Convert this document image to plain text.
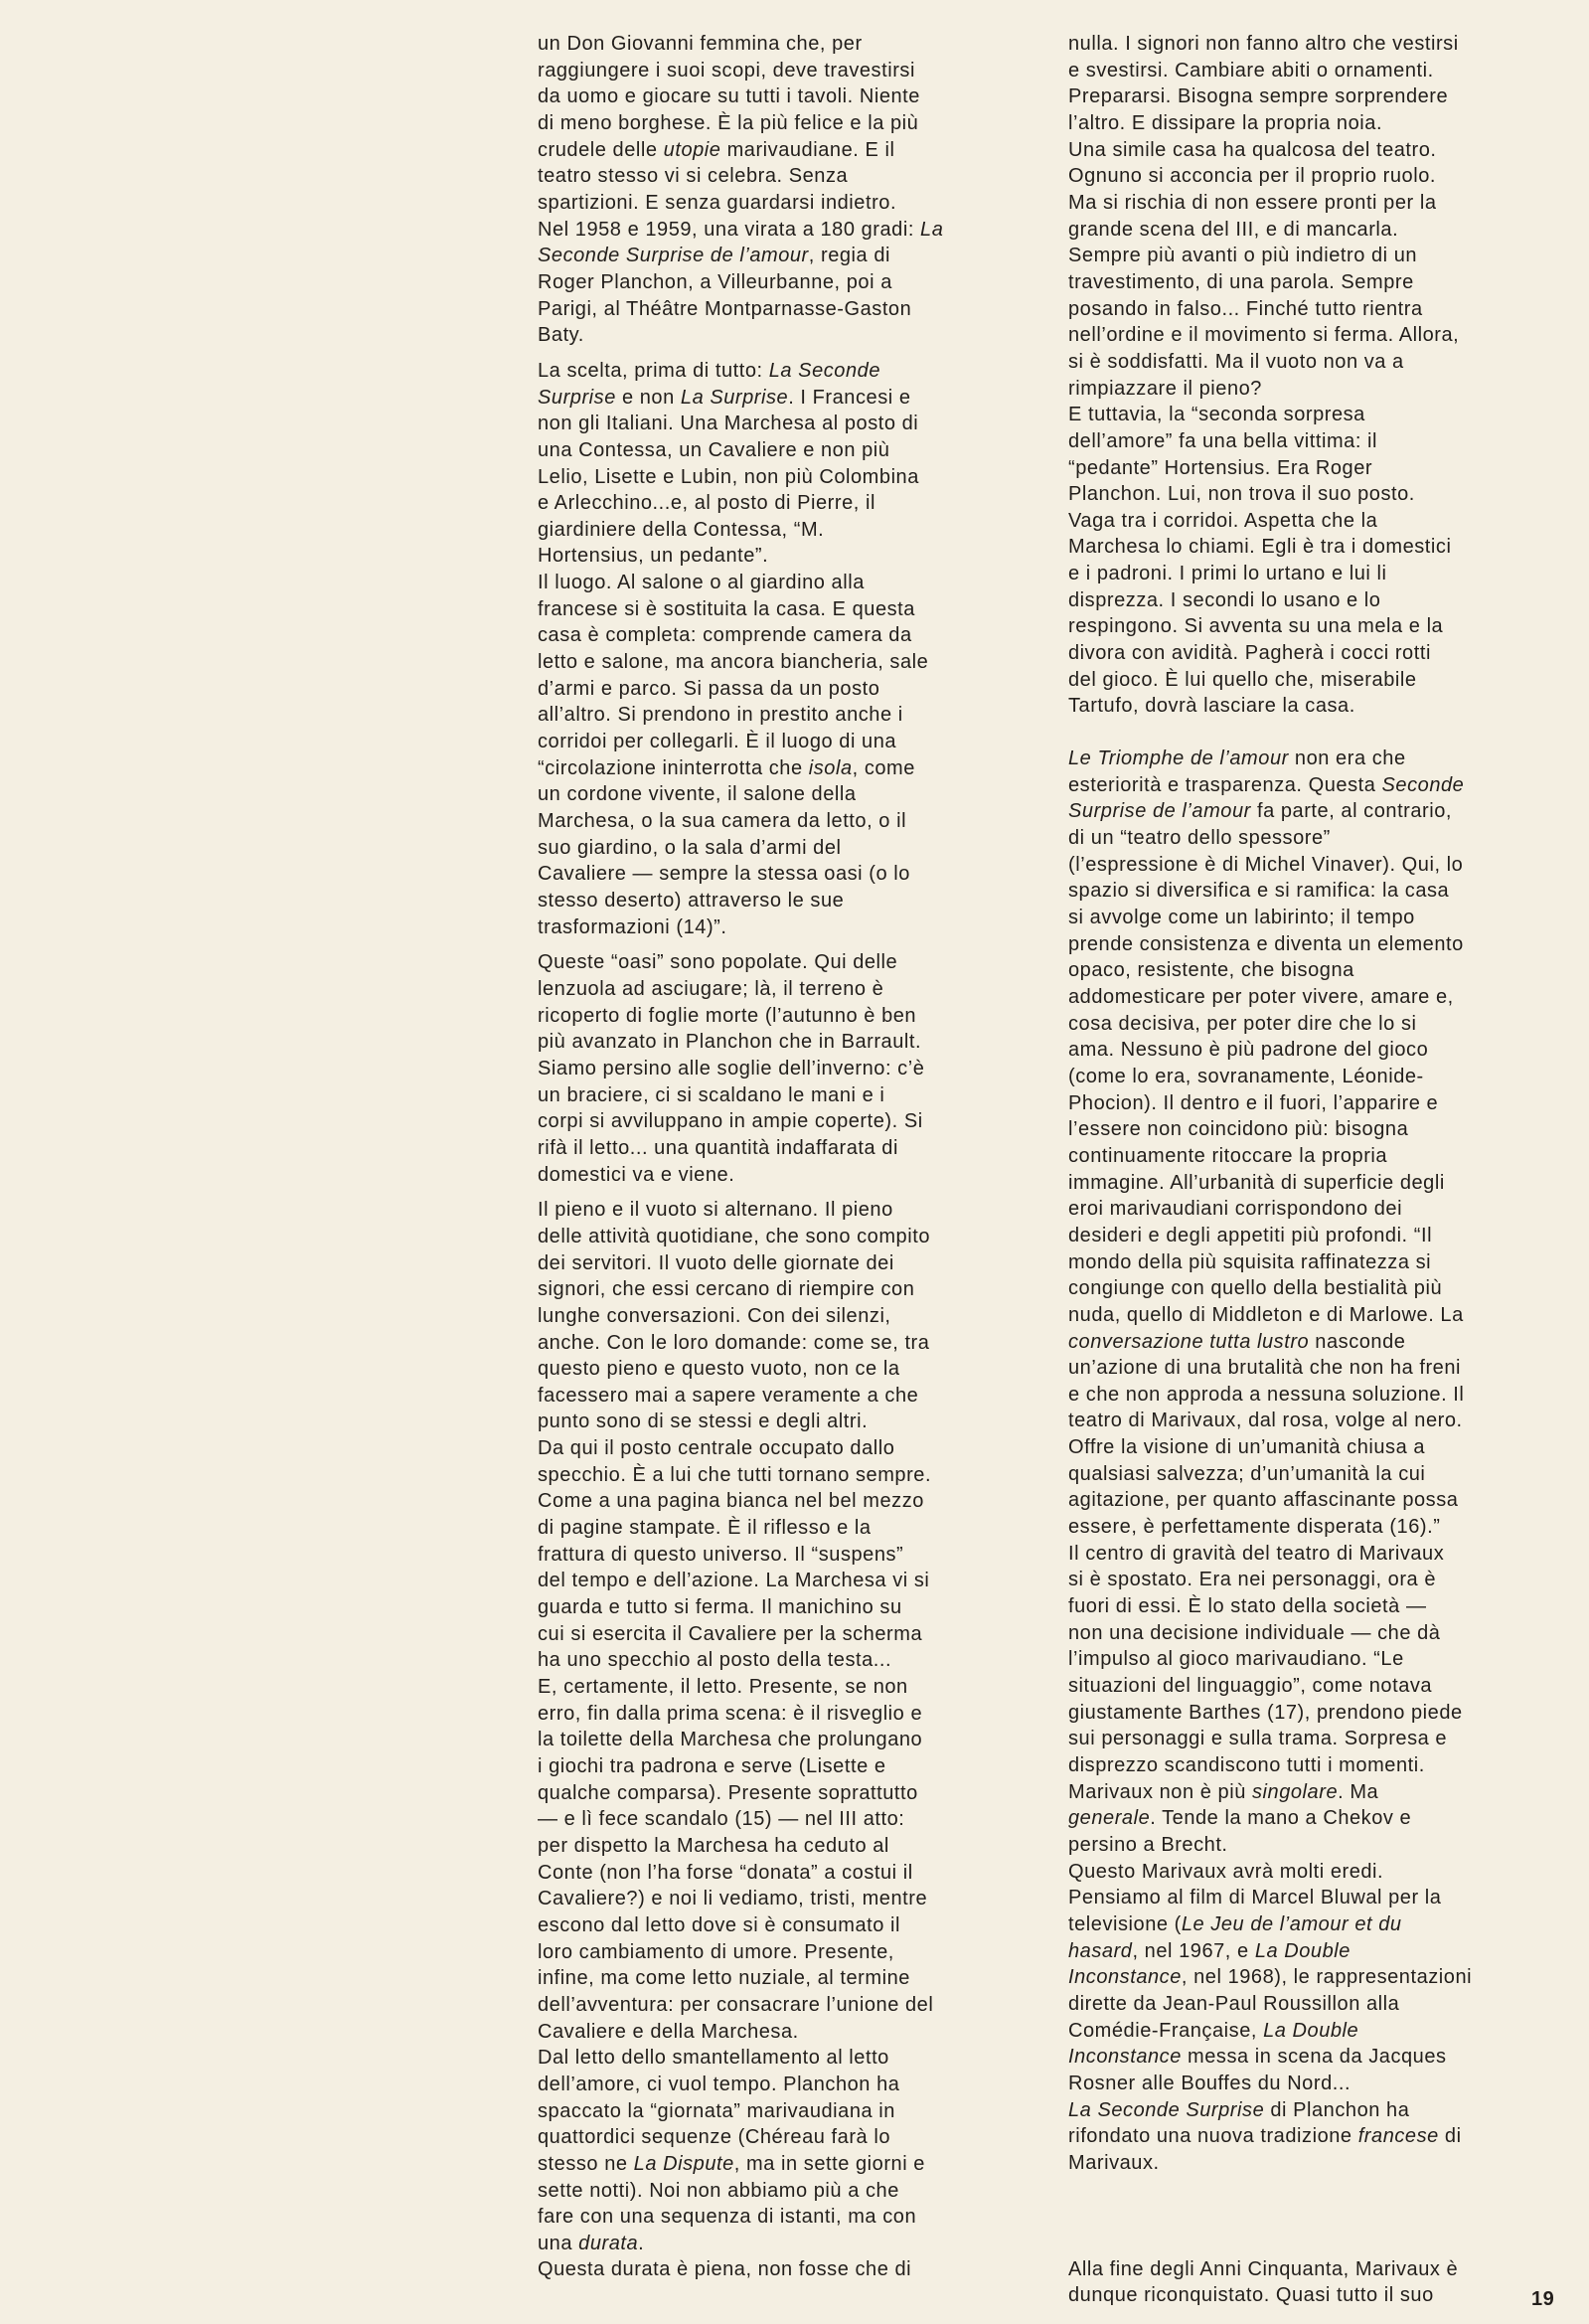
un Don Giovanni femmina che, per
raggiungere i suoi scopi, deve travestirsi
da uomo e giocare su tutti i tavoli. Niente
di meno borghese. È la più felice e la più
crudele delle utopie marivaudiane. E il
teatro stesso vi si celebra. Senza
spartizioni. E senza guardarsi indietro.
Nel 1958 e 1959, una virata a 180 gradi: La
Seconde Surprise de l’amour, regia di
Roger Planchon, a Villeurbanne, poi a
Parigi, al Théâtre Montparnasse-Gaston
Baty.
La scelta, prima di tutto: La Seconde
Surprise e non La Surprise. I Francesi e
non gli Italiani. Una Marchesa al posto di
una Contessa, un Cavaliere e non più
Lelio, Lisette e Lubin, non più Colombina
e Arlecchino...e, al posto di Pierre, il
giardiniere della Contessa, “M.
Hortensius, un pedante”.
Il luogo. Al salone o al giardino alla
francese si è sostituita la casa. E questa
casa è completa: comprende camera da
letto e salone, ma ancora biancheria, sale
d’armi e parco. Si passa da un posto
all’altro. Si prendono in prestito anche i
corridoi per collegarli. È il luogo di una
“circolazione ininterrotta che isola, come
un cordone vivente, il salone della
Marchesa, o la sua camera da letto, o il
suo giardino, o la sala d’armi del
Cavaliere — sempre la stessa oasi (o lo
stesso deserto) attraverso le sue
trasformazioni (14)”.
Queste “oasi” sono popolate. Qui delle
lenzuola ad asciugare; là, il terreno è
ricoperto di foglie morte (l’autunno è ben
più avanzato in Planchon che in Barrault.
Siamo persino alle soglie dell’inverno: c’è
un braciere, ci si scaldano le mani e i
corpi si avviluppano in ampie coperte). Si
rifà il letto... una quantità indaffarata di
domestici va e viene.
Il pieno e il vuoto si alternano. Il pieno
delle attività quotidiane, che sono compito
dei servitori. Il vuoto delle giornate dei
signori, che essi cercano di riempire con
lunghe conversazioni. Con dei silenzi,
anche. Con le loro domande: come se, tra
questo pieno e questo vuoto, non ce la
facessero mai a sapere veramente a che
punto sono di se stessi e degli altri.
Da qui il posto centrale occupato dallo
specchio. È a lui che tutti tornano sempre.
Come a una pagina bianca nel bel mezzo
di pagine stampate. È il riflesso e la
frattura di questo universo. Il “suspens”
del tempo e dell’azione. La Marchesa vi si
guarda e tutto si ferma. Il manichino su
cui si esercita il Cavaliere per la scherma
ha uno specchio al posto della testa...
E, certamente, il letto. Presente, se non
erro, fin dalla prima scena: è il risveglio e
la toilette della Marchesa che prolungano
i giochi tra padrona e serve (Lisette e
qualche comparsa). Presente soprattutto
— e lì fece scandalo (15) — nel III atto:
per dispetto la Marchesa ha ceduto al
Conte (non l’ha forse “donata” a costui il
Cavaliere?) e noi li vediamo, tristi, mentre
escono dal letto dove si è consumato il
loro cambiamento di umore. Presente,
infine, ma come letto nuziale, al termine
dell’avventura: per consacrare l’unione del
Cavaliere e della Marchesa.
Dal letto dello smantellamento al letto
dell’amore, ci vuol tempo. Planchon ha
spaccato la “giornata” marivaudiana in
quattordici sequenze (Chéreau farà lo
stesso ne La Dispute, ma in sette giorni e
sette notti). Noi non abbiamo più a che
fare con una sequenza di istanti, ma con
una durata.
Questa durata è piena, non fosse che di
nulla. I signori non fanno altro che vestirsi
e svestirsi. Cambiare abiti o ornamenti.
Prepararsi. Bisogna sempre sorprendere
l’altro. E dissipare la propria noia.
Una simile casa ha qualcosa del teatro.
Ognuno si acconcia per il proprio ruolo.
Ma si rischia di non essere pronti per la
grande scena del III, e di mancarla.
Sempre più avanti o più indietro di un
travestimento, di una parola. Sempre
posando in falso... Finché tutto rientra
nell’ordine e il movimento si ferma. Allora,
si è soddisfatti. Ma il vuoto non va a
rimpiazzare il pieno?
E tuttavia, la “seconda sorpresa
dell’amore” fa una bella vittima: il
“pedante” Hortensius. Era Roger
Planchon. Lui, non trova il suo posto.
Vaga tra i corridoi. Aspetta che la
Marchesa lo chiami. Egli è tra i domestici
e i padroni. I primi lo urtano e lui li
disprezza. I secondi lo usano e lo
respingono. Si avventa su una mela e la
divora con avidità. Pagherà i cocci rotti
del gioco. È lui quello che, miserabile
Tartufo, dovrà lasciare la casa.
Le Triomphe de l’amour non era che
esteriorità e trasparenza. Questa Seconde
Surprise de l’amour fa parte, al contrario,
di un “teatro dello spessore”
(l’espressione è di Michel Vinaver). Qui, lo
spazio si diversifica e si ramifica: la casa
si avvolge come un labirinto; il tempo
prende consistenza e diventa un elemento
opaco, resistente, che bisogna
addomesticare per poter vivere, amare e,
cosa decisiva, per poter dire che lo si
ama. Nessuno è più padrone del gioco
(come lo era, sovranamente, Léonide-
Phocion). Il dentro e il fuori, l’apparire e
l’essere non coincidono più: bisogna
continuamente ritoccare la propria
immagine. All’urbanità di superficie degli
eroi marivaudiani corrispondono dei
desideri e degli appetiti più profondi. “Il
mondo della più squisita raffinatezza si
congiunge con quello della bestialità più
nuda, quello di Middleton e di Marlowe. La
conversazione tutta lustro nasconde
un’azione di una brutalità che non ha freni
e che non approda a nessuna soluzione. Il
teatro di Marivaux, dal rosa, volge al nero.
Offre la visione di un’umanità chiusa a
qualsiasi salvezza; d’un’umanità la cui
agitazione, per quanto affascinante possa
essere, è perfettamente disperata (16).”
Il centro di gravità del teatro di Marivaux
si è spostato. Era nei personaggi, ora è
fuori di essi. È lo stato della società —
non una decisione individuale — che dà
l’impulso al gioco marivaudiano. “Le
situazioni del linguaggio”, come notava
giustamente Barthes (17), prendono piede
sui personaggi e sulla trama. Sorpresa e
disprezzo scandiscono tutti i momenti.
Marivaux non è più singolare. Ma
generale. Tende la mano a Chekov e
persino a Brecht.
Questo Marivaux avrà molti eredi.
Pensiamo al film di Marcel Bluwal per la
televisione (Le Jeu de l’amour et du
hasard, nel 1967, e La Double
Inconstance, nel 1968), le rappresentazioni
dirette da Jean-Paul Roussillon alla
Comédie-Française, La Double
Inconstance messa in scena da Jacques
Rosner alle Bouffes du Nord...
La Seconde Surprise di Planchon ha
rifondato una nuova tradizione francese di
Marivaux.
Alla fine degli Anni Cinquanta, Marivaux è
dunque riconquistato. Quasi tutto il suo	19
